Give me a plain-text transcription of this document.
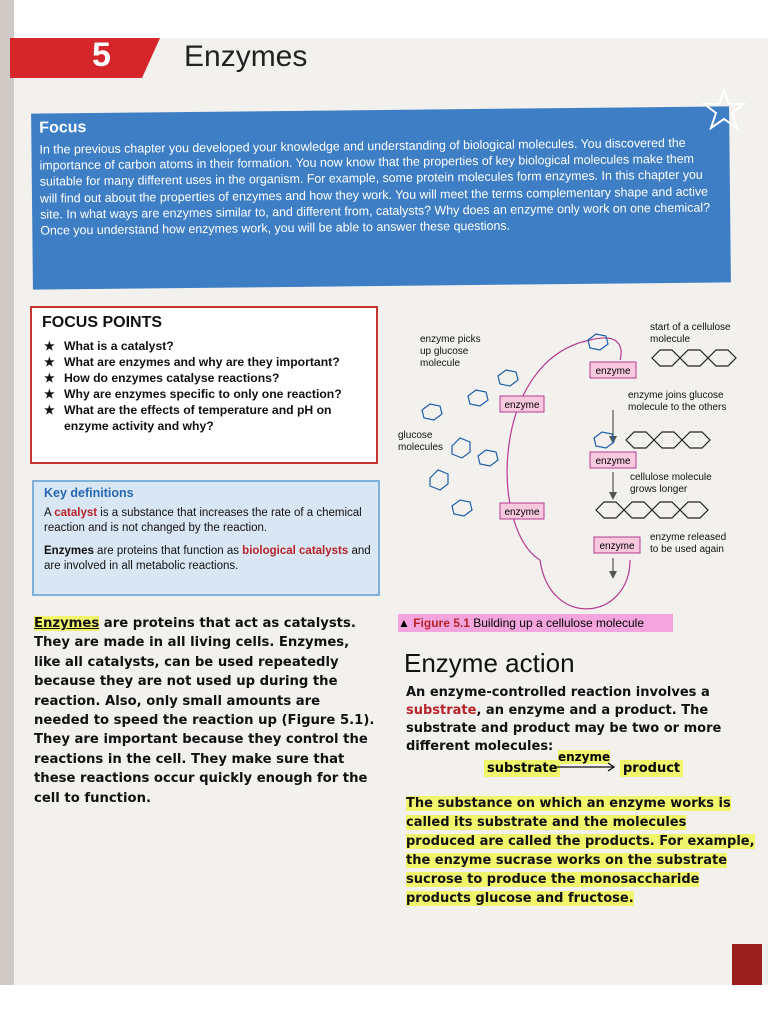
5 Enzymes
Focus
In the previous chapter you developed your knowledge and understanding of biological molecules. You discovered the importance of carbon atoms in their formation. You now know that the properties of key biological molecules make them suitable for many different uses in the organism. For example, some protein molecules form enzymes. In this chapter you will find out about the properties of enzymes and how they work. You will meet the terms complementary shape and active site. In what ways are enzymes similar to, and different from, catalysts? Why does an enzyme only work on one chemical? Once you understand how enzymes work, you will be able to answer these questions.
FOCUS POINTS
★ What is a catalyst?
★ What are enzymes and why are they important?
★ How do enzymes catalyse reactions?
★ Why are enzymes specific to only one reaction?
★ What are the effects of temperature and pH on enzyme activity and why?
Key definitions
A catalyst is a substance that increases the rate of a chemical reaction and is not changed by the reaction.
Enzymes are proteins that function as biological catalysts and are involved in all metabolic reactions.
Enzymes are proteins that act as catalysts. They are made in all living cells. Enzymes, like all catalysts, can be used repeatedly because they are not used up during the reaction. Also, only small amounts are needed to speed the reaction up (Figure 5.1). They are important because they control the reactions in the cell. They make sure that these reactions occur quickly enough for the cell to function.
enzyme
enzyme
enzyme
enzyme
enzyme
enzyme picks
up glucose
molecule
glucose
molecules
start of a cellulose
molecule
enzyme joins glucose
molecule to the others
cellulose molecule
grows longer
enzyme released
to be used again
▲ Figure 5.1 Building up a cellulose molecule
Enzyme action
An enzyme-controlled reaction involves a substrate, an enzyme and a product. The substrate and product may be two or more different molecules:
substrate
enzyme
product
The substance on which an enzyme works is called its substrate and the molecules produced are called the products. For example, the enzyme sucrase works on the substrate sucrose to produce the monosaccharide products glucose and fructose.
